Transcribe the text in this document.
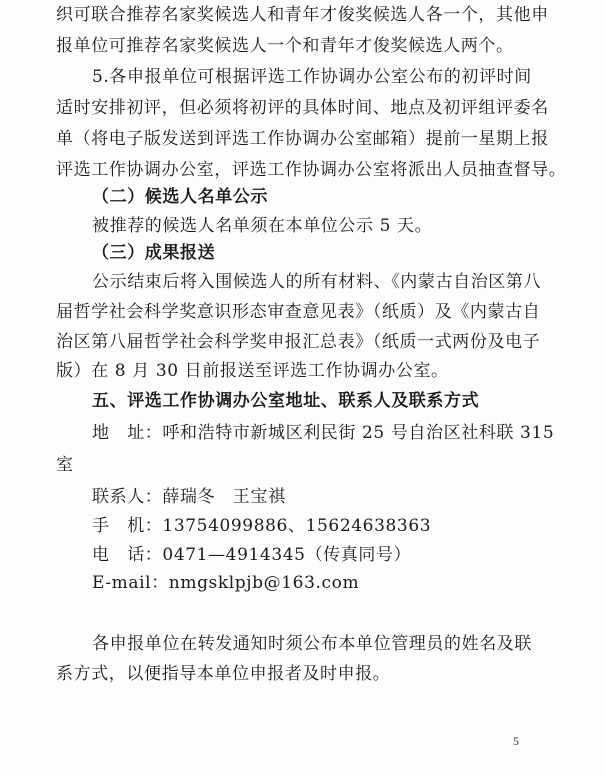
织可联合推荐名家奖候选人和青年才俊奖候选人各一个，其他申
报单位可推荐名家奖候选人一个和青年才俊奖候选人两个。
5.各申报单位可根据评选工作协调办公室公布的初评时间
适时安排初评，但必须将初评的具体时间、地点及初评组评委名
单（将电子版发送到评选工作协调办公室邮箱）提前一星期上报
评选工作协调办公室，评选工作协调办公室将派出人员抽查督导。
（二）候选人名单公示
被推荐的候选人名单须在本单位公示 5 天。
（三）成果报送
公示结束后将入围候选人的所有材料、《内蒙古自治区第八
届哲学社会科学奖意识形态审查意见表》（纸质）及《内蒙古自
治区第八届哲学社会科学奖申报汇总表》（纸质一式两份及电子
版）在 8 月 30 日前报送至评选工作协调办公室。
五、评选工作协调办公室地址、联系人及联系方式
地　址：呼和浩特市新城区利民街 25 号自治区社科联 315
室
联系人：薛瑞冬　王宝祺
手　机：13754099886、15624638363
电　话：0471—4914345（传真同号）
E-mail：nmgsklpjb@163.com
各申报单位在转发通知时须公布本单位管理员的姓名及联
系方式，以便指导本单位申报者及时申报。
5
